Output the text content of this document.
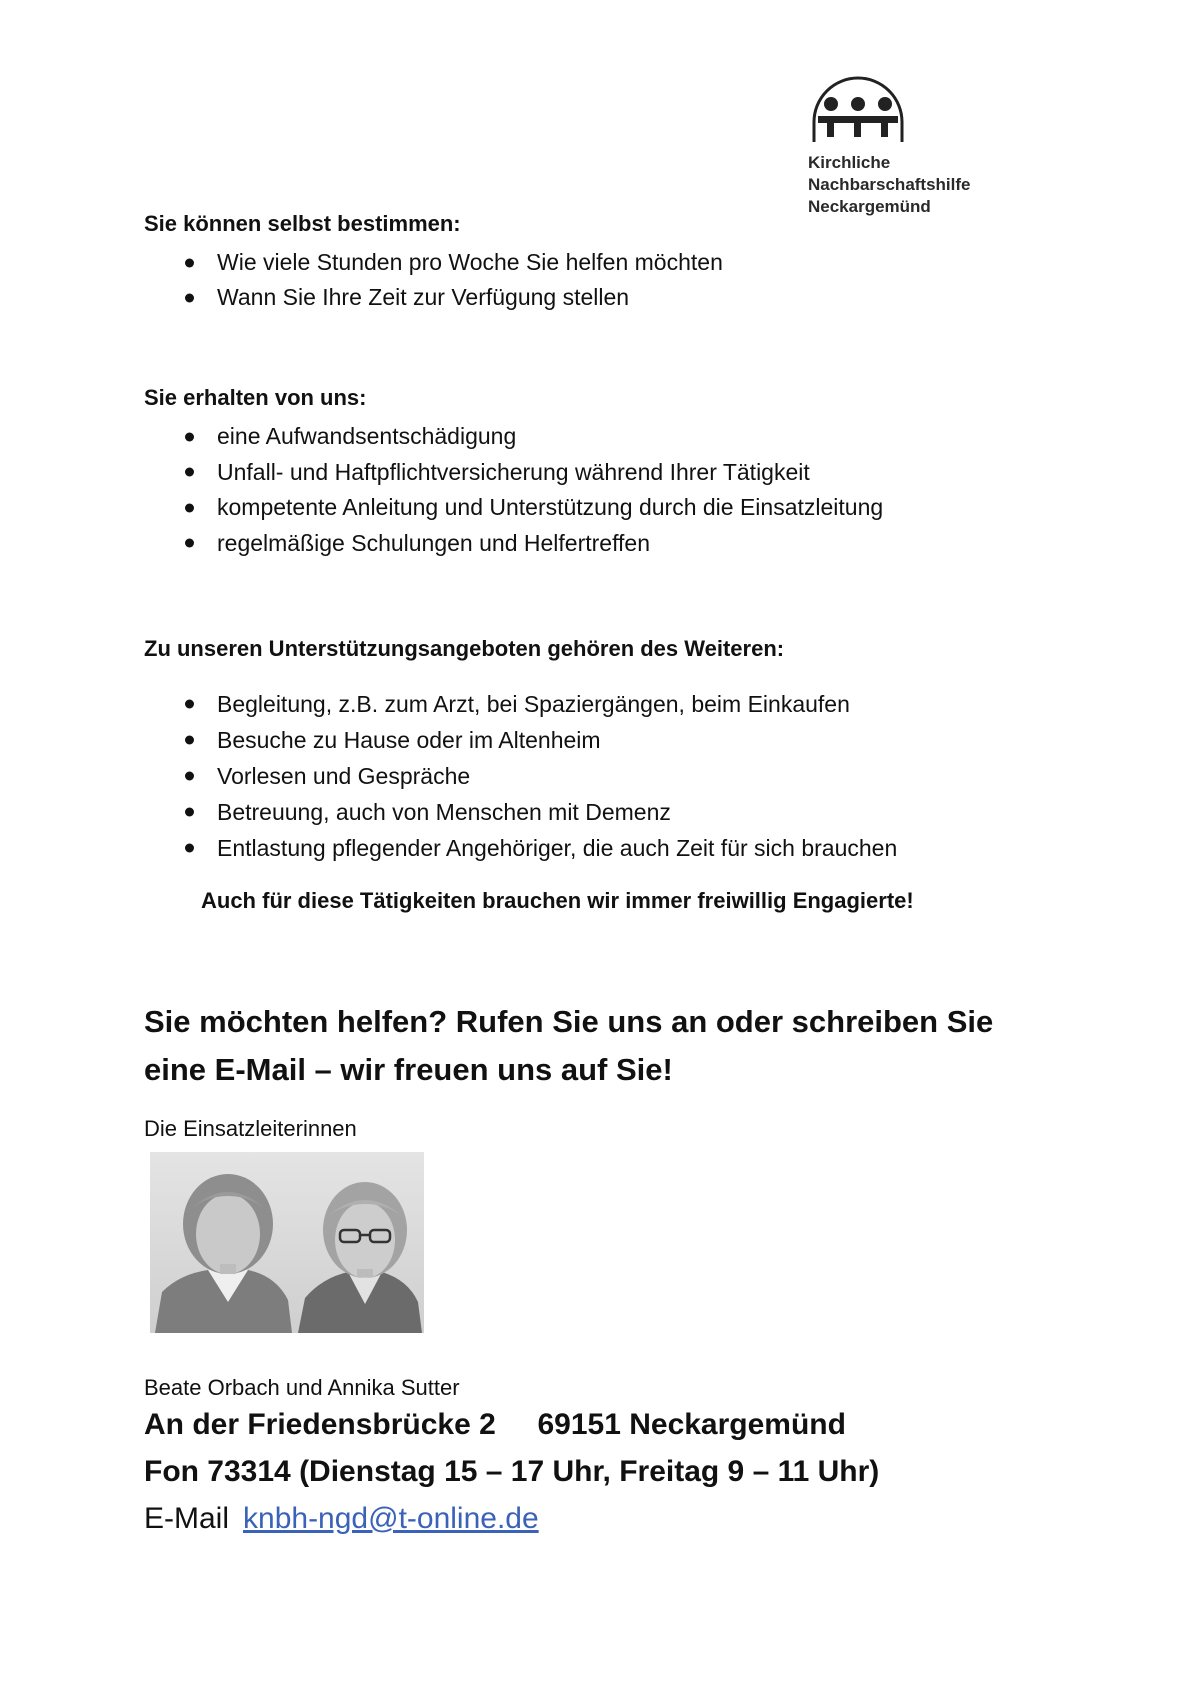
Kirchliche
Nachbarschaftshilfe
Neckargemünd
Sie können selbst bestimmen:
Wie viele Stunden pro Woche Sie helfen möchten
Wann Sie Ihre Zeit zur Verfügung stellen
Sie erhalten von uns:
eine Aufwandsentschädigung
Unfall- und Haftpflichtversicherung während Ihrer Tätigkeit
kompetente Anleitung und Unterstützung durch die Einsatzleitung
regelmäßige Schulungen und Helfertreffen
Zu unseren Unterstützungsangeboten gehören des Weiteren:
Begleitung, z.B. zum Arzt, bei Spaziergängen, beim Einkaufen
Besuche zu Hause oder im Altenheim
Vorlesen und Gespräche
Betreuung, auch von Menschen mit Demenz
Entlastung pflegender Angehöriger, die auch Zeit für sich brauchen
Auch für diese Tätigkeiten brauchen wir immer freiwillig Engagierte!
Sie möchten helfen? Rufen Sie uns an oder schreiben Sie
eine E-Mail – wir freuen uns auf Sie!
Die Einsatzleiterinnen
Beate Orbach und Annika Sutter
An der Friedensbrücke 2     69151 Neckargemünd
Fon 73314 (Dienstag 15 – 17 Uhr, Freitag 9 – 11 Uhr)
E-Mail knbh-ngd@t-online.de
